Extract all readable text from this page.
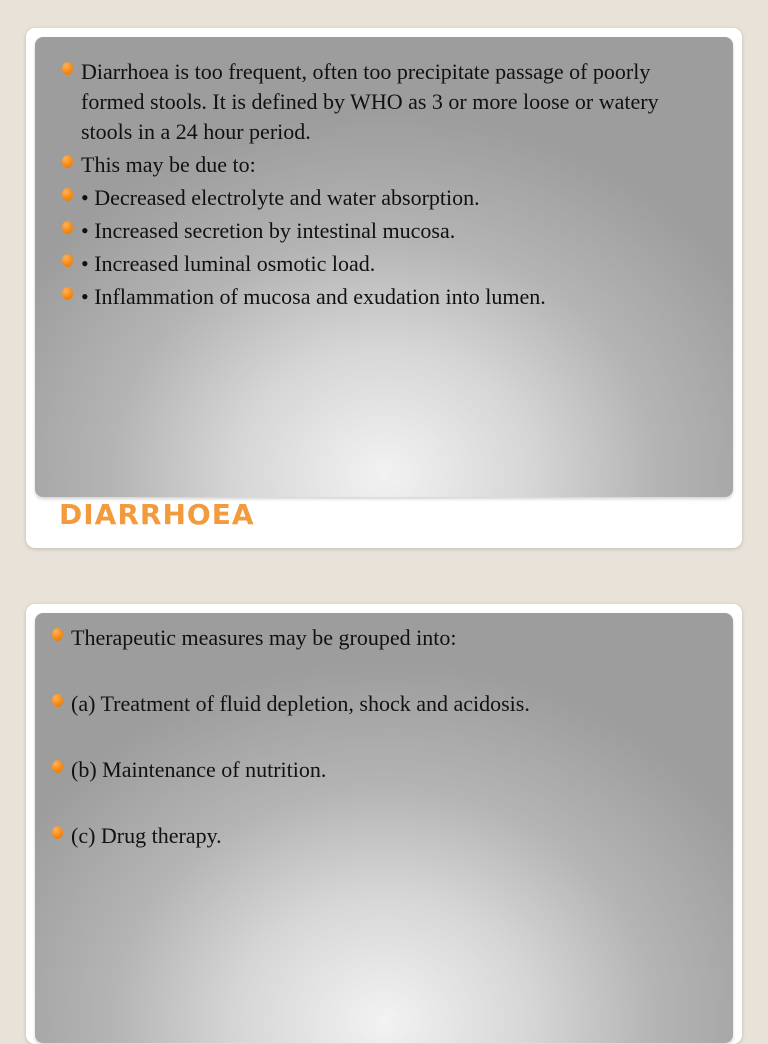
Diarrhoea is too frequent, often too precipitate passage of poorly formed stools. It is defined by WHO as 3 or more loose or watery stools in a 24 hour period.
This may be due to:
• Decreased electrolyte and water absorption.
• Increased secretion by intestinal mucosa.
• Increased luminal osmotic load.
• Inflammation of mucosa and exudation into lumen.
DIARRHOEA
Therapeutic measures may be grouped into:
(a) Treatment of fluid depletion, shock and acidosis.
(b) Maintenance of nutrition.
(c) Drug therapy.
